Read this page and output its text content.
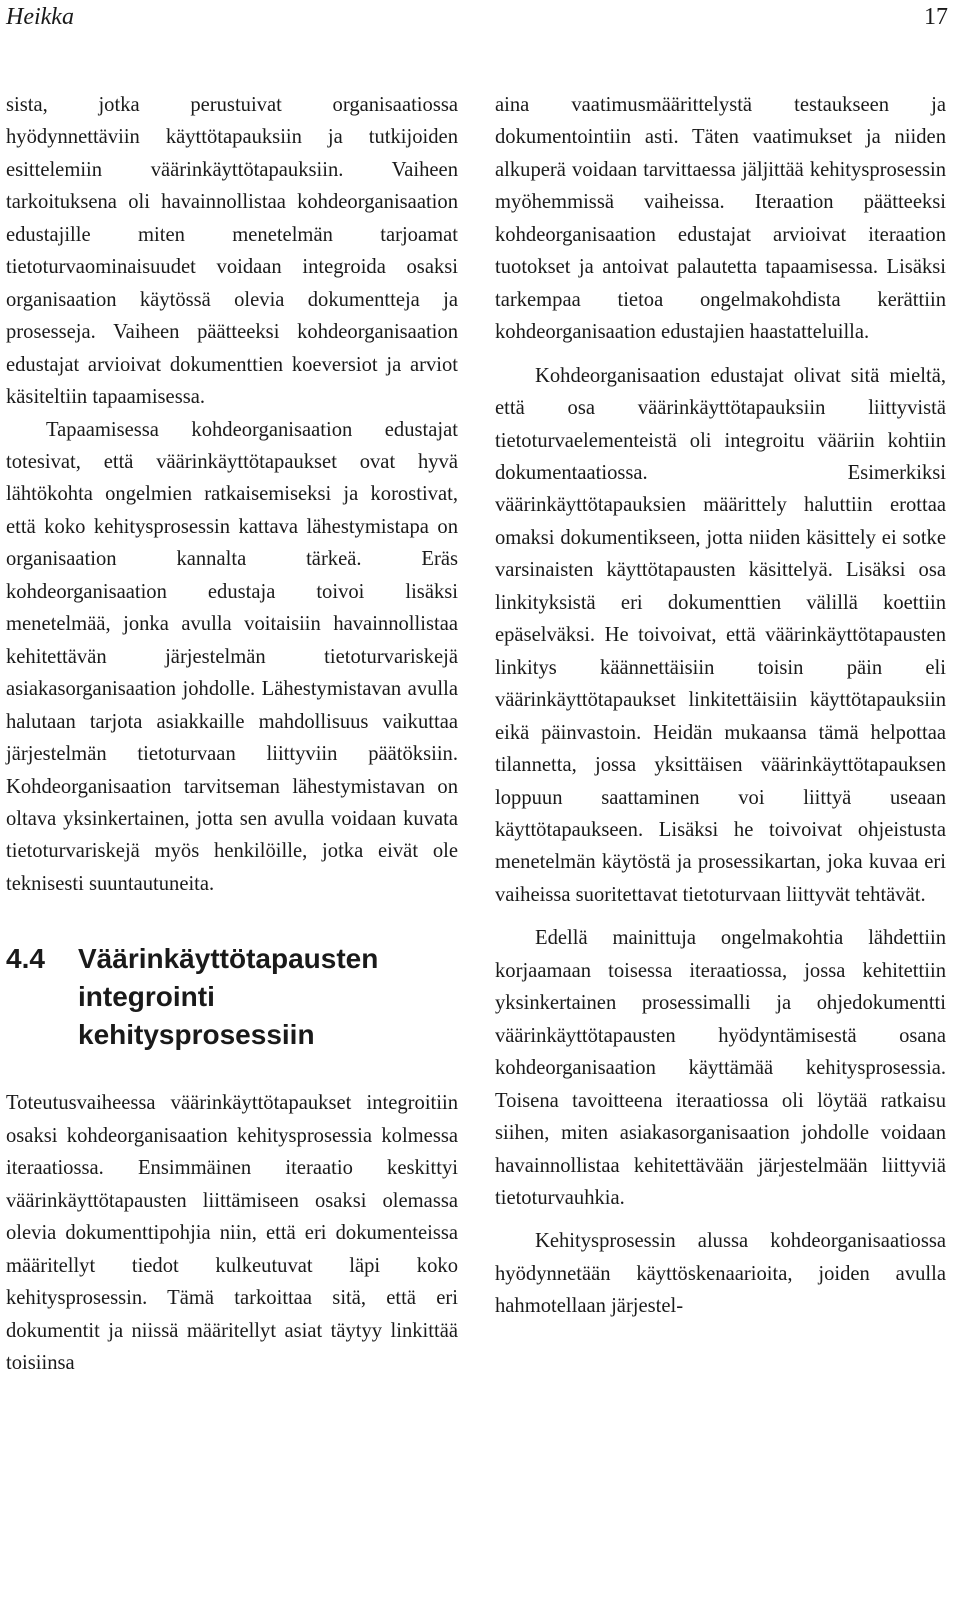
Heikka	17

sista, jotka perustuivat organisaatiossa hyödynnettäviin käyttötapauksiin ja tutkijoiden esittelemiin väärinkäyttötapauksiin. Vaiheen tarkoituksena oli havainnollistaa kohdeorganisaation edustajille miten menetelmän tarjoamat tietoturvaominaisuudet voidaan integroida osaksi organisaation käytössä olevia dokumentteja ja prosesseja. Vaiheen päätteeksi kohdeorganisaation edustajat arvioivat dokumenttien koeversiot ja arviot käsiteltiin tapaamisessa.

Tapaamisessa kohdeorganisaation edustajat totesivat, että väärinkäyttötapaukset ovat hyvä lähtökohta ongelmien ratkaisemiseksi ja korostivat, että koko kehitysprosessin kattava lähestymistapa on organisaation kannalta tärkeä. Eräs kohdeorganisaation edustaja toivoi lisäksi menetelmää, jonka avulla voitaisiin havainnollistaa kehitettävän järjestelmän tietoturvariskejä asiakasorganisaation johdolle. Lähestymistavan avulla halutaan tarjota asiakkaille mahdollisuus vaikuttaa järjestelmän tietoturvaan liittyviin päätöksiin. Kohdeorganisaation tarvitseman lähestymistavan on oltava yksinkertainen, jotta sen avulla voidaan kuvata tietoturvariskejä myös henkilöille, jotka eivät ole teknisesti suuntautuneita.

4.4	Väärinkäyttötapausten integrointi kehitysprosessiin

Toteutusvaiheessa väärinkäyttötapaukset integroitiin osaksi kohdeorganisaation kehitysprosessia kolmessa iteraatiossa. Ensimmäinen iteraatio keskittyi väärinkäyttötapausten liittämiseen osaksi olemassa olevia dokumenttipohjia niin, että eri dokumenteissa määritellyt tiedot kulkeutuvat läpi koko kehitysprosessin. Tämä tarkoittaa sitä, että eri dokumentit ja niissä määritellyt asiat täytyy linkittää toisiinsa

aina vaatimusmäärittelystä testaukseen ja dokumentointiin asti. Täten vaatimukset ja niiden alkuperä voidaan tarvittaessa jäljittää kehitysprosessin myöhemmissä vaiheissa. Iteraation päätteeksi kohdeorganisaation edustajat arvioivat iteraation tuotokset ja antoivat palautetta tapaamisessa. Lisäksi tarkempaa tietoa ongelmakohdista kerättiin kohdeorganisaation edustajien haastatteluilla.

Kohdeorganisaation edustajat olivat sitä mieltä, että osa väärinkäyttötapauksiin liittyvistä tietoturvaelementeistä oli integroitu vääriin kohtiin dokumentaatiossa. Esimerkiksi väärinkäyttötapauksien määrittely haluttiin erottaa omaksi dokumentikseen, jotta niiden käsittely ei sotke varsinaisten käyttötapausten käsittelyä. Lisäksi osa linkityksistä eri dokumenttien välillä koettiin epäselväksi. He toivoivat, että väärinkäyttötapausten linkitys käännettäisiin toisin päin eli väärinkäyttötapaukset linkitettäisiin käyttötapauksiin eikä päinvastoin. Heidän mukaansa tämä helpottaa tilannetta, jossa yksittäisen väärinkäyttötapauksen loppuun saattaminen voi liittyä useaan käyttötapaukseen. Lisäksi he toivoivat ohjeistusta menetelmän käytöstä ja prosessikartan, joka kuvaa eri vaiheissa suoritettavat tietoturvaan liittyvät tehtävät.

Edellä mainittuja ongelmakohtia lähdettiin korjaamaan toisessa iteraatiossa, jossa kehitettiin yksinkertainen prosessimalli ja ohjedokumentti väärinkäyttötapausten hyödyntämisestä osana kohdeorganisaation käyttämää kehitysprosessia. Toisena tavoitteena iteraatiossa oli löytää ratkaisu siihen, miten asiakasorganisaation johdolle voidaan havainnollistaa kehitettävään järjestelmään liittyviä tietoturvauhkia.

Kehitysprosessin alussa kohdeorganisaatiossa hyödynnetään käyttöskenaarioita, joiden avulla hahmotellaan järjestel-
